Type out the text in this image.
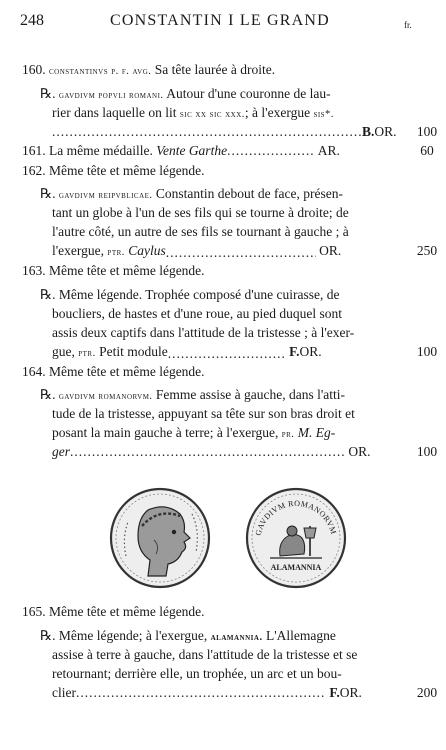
248	CONSTANTIN I LE GRAND	fr.
160. constantinvs p. f. avg. Sa tête laurée à droite.
℞. gavdivm popvli romani. Autour d'une couronne de lau-
rier dans laquelle on lit sic xx sic xxx.; à l'exergue sis*.
.....B.OR.	100
161. La même médaille. Vente Garthe .....	AR.	60
162. Même tête et même légende.
℞. gavdivm reipvblicae. Constantin debout de face, présen-
tant un globe à l'un de ses fils qui se tourne à droite; de
l'autre côté, un autre de ses fils se tournant à gauche ; à
l'exergue, ptr. Caylus .....	OR.	250
163. Même tête et même légende.
℞. Même légende. Trophée composé d'une cuirasse, de
boucliers, de hastes et d'une roue, au pied duquel sont
assis deux captifs dans l'attitude de la tristesse ; à l'exer-
gue, ptr. Petit module .....	F.OR.	100
164. Même tête et même légende.
℞. gavdivm romanorvm. Femme assise à gauche, dans l'atti-
tude de la tristesse, appuyant sa tête sur son bras droit et
posant la main gauche à terre; à l'exergue, pr. M. Eg-
ger .....	OR.	100
165. Même tête et même légende.
℞. Même légende; à l'exergue, alamannia. L'Allemagne
assise à terre à gauche, dans l'attitude de la tristesse et se
retournant; derrière elle, un trophée, un arc et un bou-
clier .....	F.OR.	200
GAVDIVM ROMANORVM
ALAMANNIA
